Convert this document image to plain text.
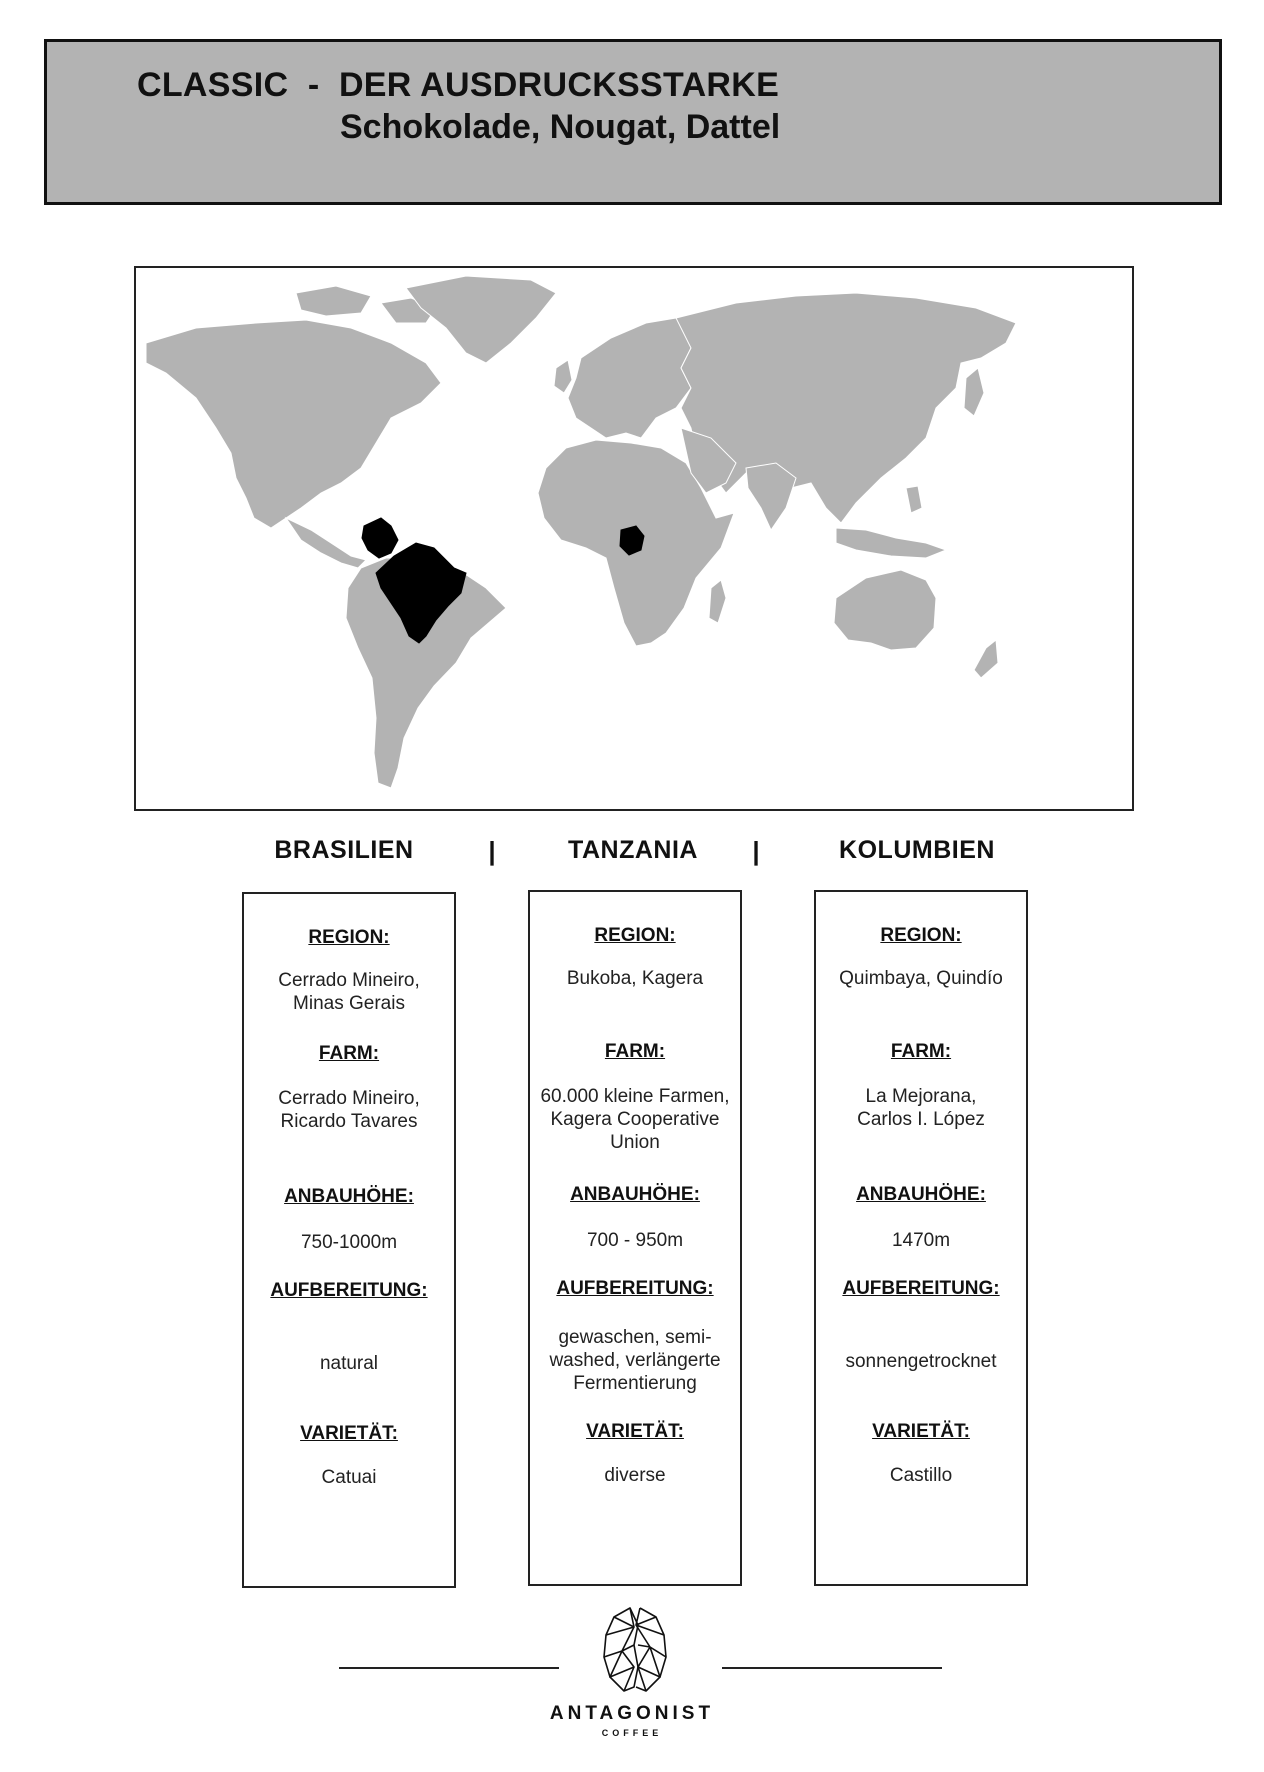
CLASSIC  -  DER AUSDRUCKSSTARKE
Schokolade, Nougat, Dattel
BRASILIEN	|	TANZANIA	|	KOLUMBIEN
REGION:
Cerrado Mineiro,
Minas Gerais
FARM:
Cerrado Mineiro,
Ricardo Tavares
ANBAUHÖHE:
750-1000m
AUFBEREITUNG:
natural
VARIETÄT:
Catuai
REGION:
Bukoba, Kagera
FARM:
60.000 kleine Farmen,
Kagera Cooperative
Union
ANBAUHÖHE:
700 - 950m
AUFBEREITUNG:
gewaschen, semi-
washed, verlängerte
Fermentierung
VARIETÄT:
diverse
REGION:
Quimbaya, Quindío
FARM:
La Mejorana,
Carlos I. López
ANBAUHÖHE:
1470m
AUFBEREITUNG:
sonnengetrocknet
VARIETÄT:
Castillo
ANTAGONIST
COFFEE
